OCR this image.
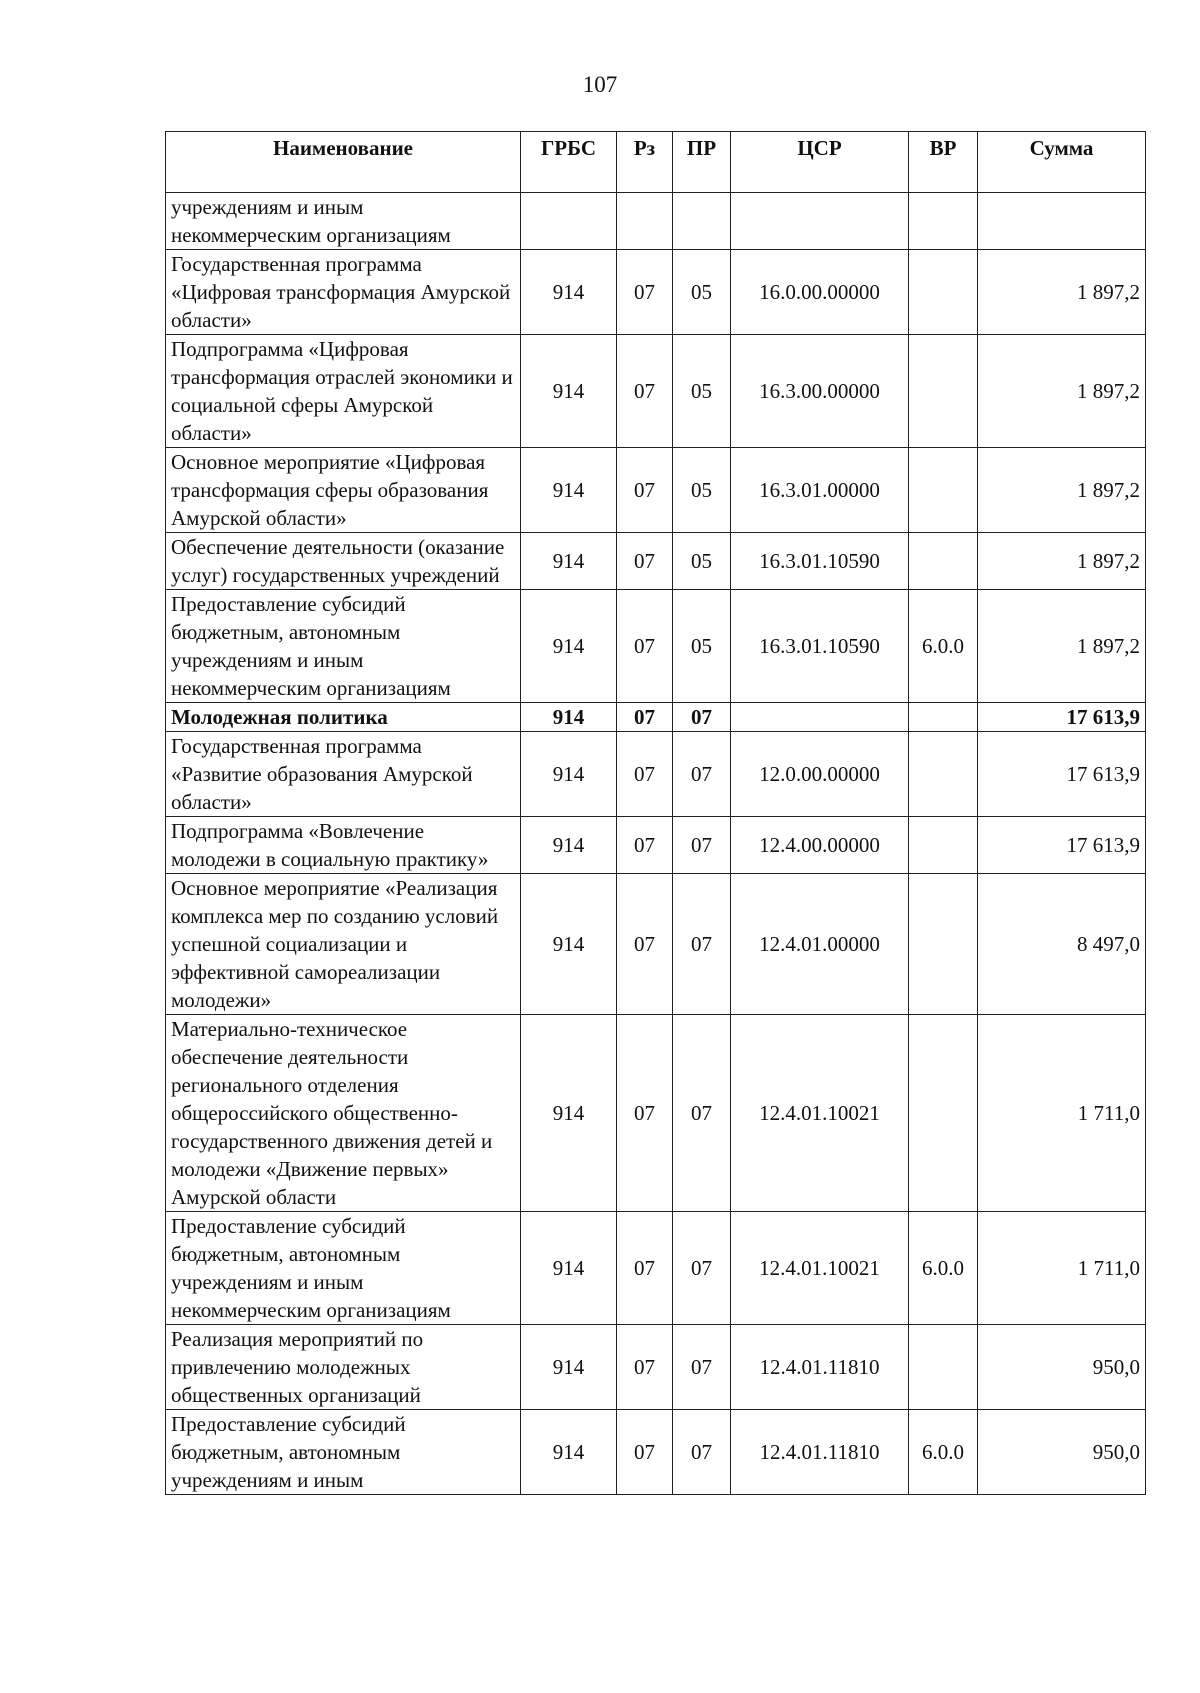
107
Наименование	ГРБС	Рз	ПР	ЦСР	ВР	Сумма
учреждениям и иным некоммерческим организациям						
Государственная программа «Цифровая трансформация Амурской области»	914	07	05	16.0.00.00000		1 897,2
Подпрограмма «Цифровая трансформация отраслей экономики и социальной сферы Амурской области»	914	07	05	16.3.00.00000		1 897,2
Основное мероприятие «Цифровая трансформация сферы образования Амурской области»	914	07	05	16.3.01.00000		1 897,2
Обеспечение деятельности (оказание услуг) государственных учреждений	914	07	05	16.3.01.10590		1 897,2
Предоставление субсидий бюджетным, автономным учреждениям и иным некоммерческим организациям	914	07	05	16.3.01.10590	6.0.0	1 897,2
Молодежная политика	914	07	07			17 613,9
Государственная программа «Развитие образования Амурской области»	914	07	07	12.0.00.00000		17 613,9
Подпрограмма «Вовлечение молодежи в социальную практику»	914	07	07	12.4.00.00000		17 613,9
Основное мероприятие «Реализация комплекса мер по созданию условий успешной социализации и эффективной самореализации молодежи»	914	07	07	12.4.01.00000		8 497,0
Материально-техническое обеспечение деятельности регионального отделения общероссийского общественно-государственного движения детей и молодежи «Движение первых» Амурской области	914	07	07	12.4.01.10021		1 711,0
Предоставление субсидий бюджетным, автономным учреждениям и иным некоммерческим организациям	914	07	07	12.4.01.10021	6.0.0	1 711,0
Реализация мероприятий по привлечению молодежных общественных организаций	914	07	07	12.4.01.11810		950,0
Предоставление субсидий бюджетным, автономным учреждениям и иным	914	07	07	12.4.01.11810	6.0.0	950,0
